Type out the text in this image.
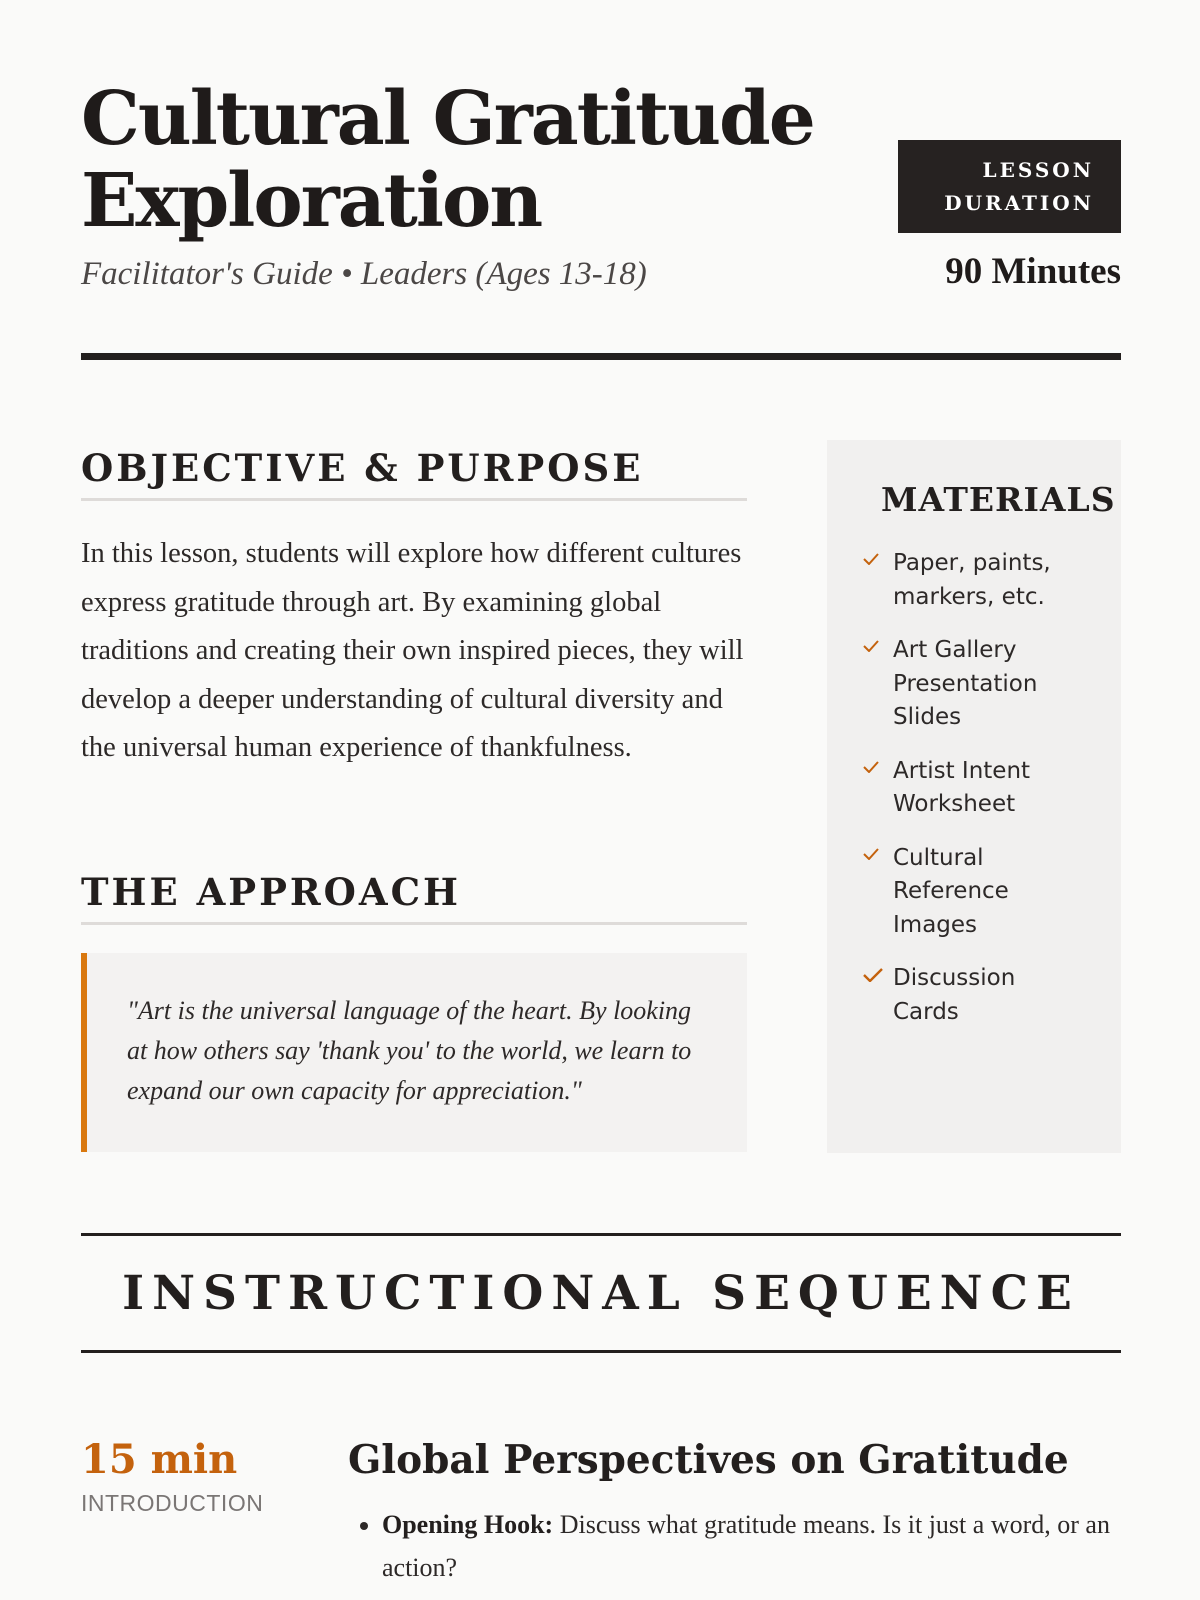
Cultural Gratitude Exploration

Facilitator's Guide • Leaders (Ages 13-18)

LESSON DURATION

90 Minutes

OBJECTIVE & PURPOSE

In this lesson, students will explore how different cultures express gratitude through art. By examining global traditions and creating their own inspired pieces, they will develop a deeper understanding of cultural diversity and the universal human experience of thankfulness.

THE APPROACH

"Art is the universal language of the heart. By looking at how others say 'thank you' to the world, we learn to expand our own capacity for appreciation."

MATERIALS
Paper, paints, markers, etc.
Art Gallery Presentation Slides
Artist Intent Worksheet
Cultural Reference Images
Discussion Cards
INSTRUCTIONAL SEQUENCE

15 min

INTRODUCTION

Global Perspectives on Gratitude
• Opening Hook: Discuss what gratitude means. Is it just a word, or an action?
